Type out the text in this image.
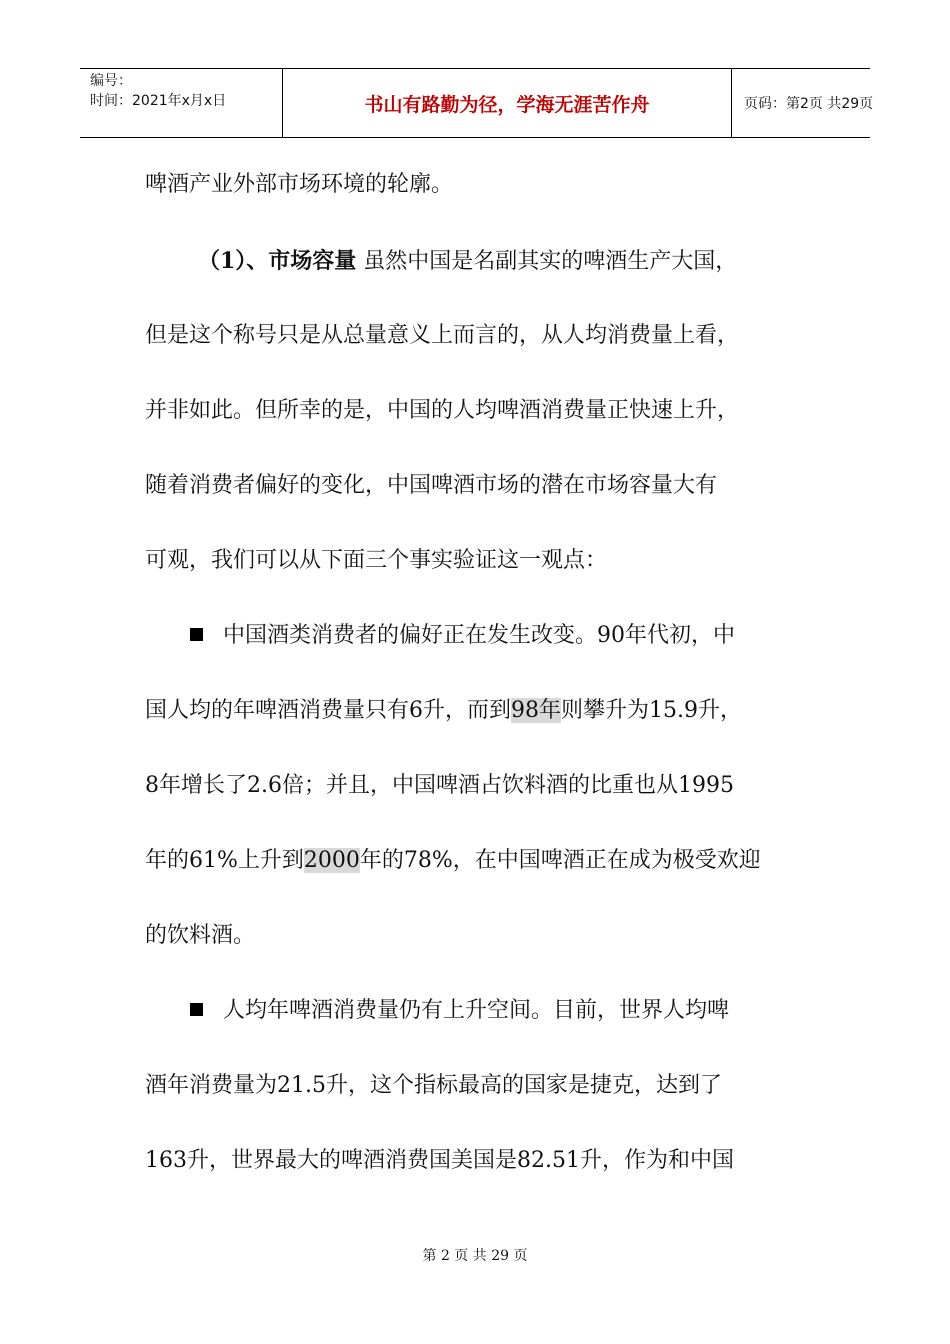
编号：
时间：2021年x月x日	书山有路勤为径，学海无涯苦作舟	页码：第2页 共29页
啤酒产业外部市场环境的轮廓。
（1）、市场容量 虽然中国是名副其实的啤酒生产大国，
但是这个称号只是从总量意义上而言的，从人均消费量上看，
并非如此。但所幸的是，中国的人均啤酒消费量正快速上升，
随着消费者偏好的变化，中国啤酒市场的潜在市场容量大有
可观，我们可以从下面三个事实验证这一观点：
中国酒类消费者的偏好正在发生改变。90年代初，中
国人均的年啤酒消费量只有6升，而到98年则攀升为15.9升，
8年增长了2.6倍；并且，中国啤酒占饮料酒的比重也从1995
年的61%上升到2000年的78%，在中国啤酒正在成为极受欢迎
的饮料酒。
人均年啤酒消费量仍有上升空间。目前，世界人均啤
酒年消费量为21.5升，这个指标最高的国家是捷克，达到了
163升，世界最大的啤酒消费国美国是82.51升，作为和中国
第 2 页 共 29 页
